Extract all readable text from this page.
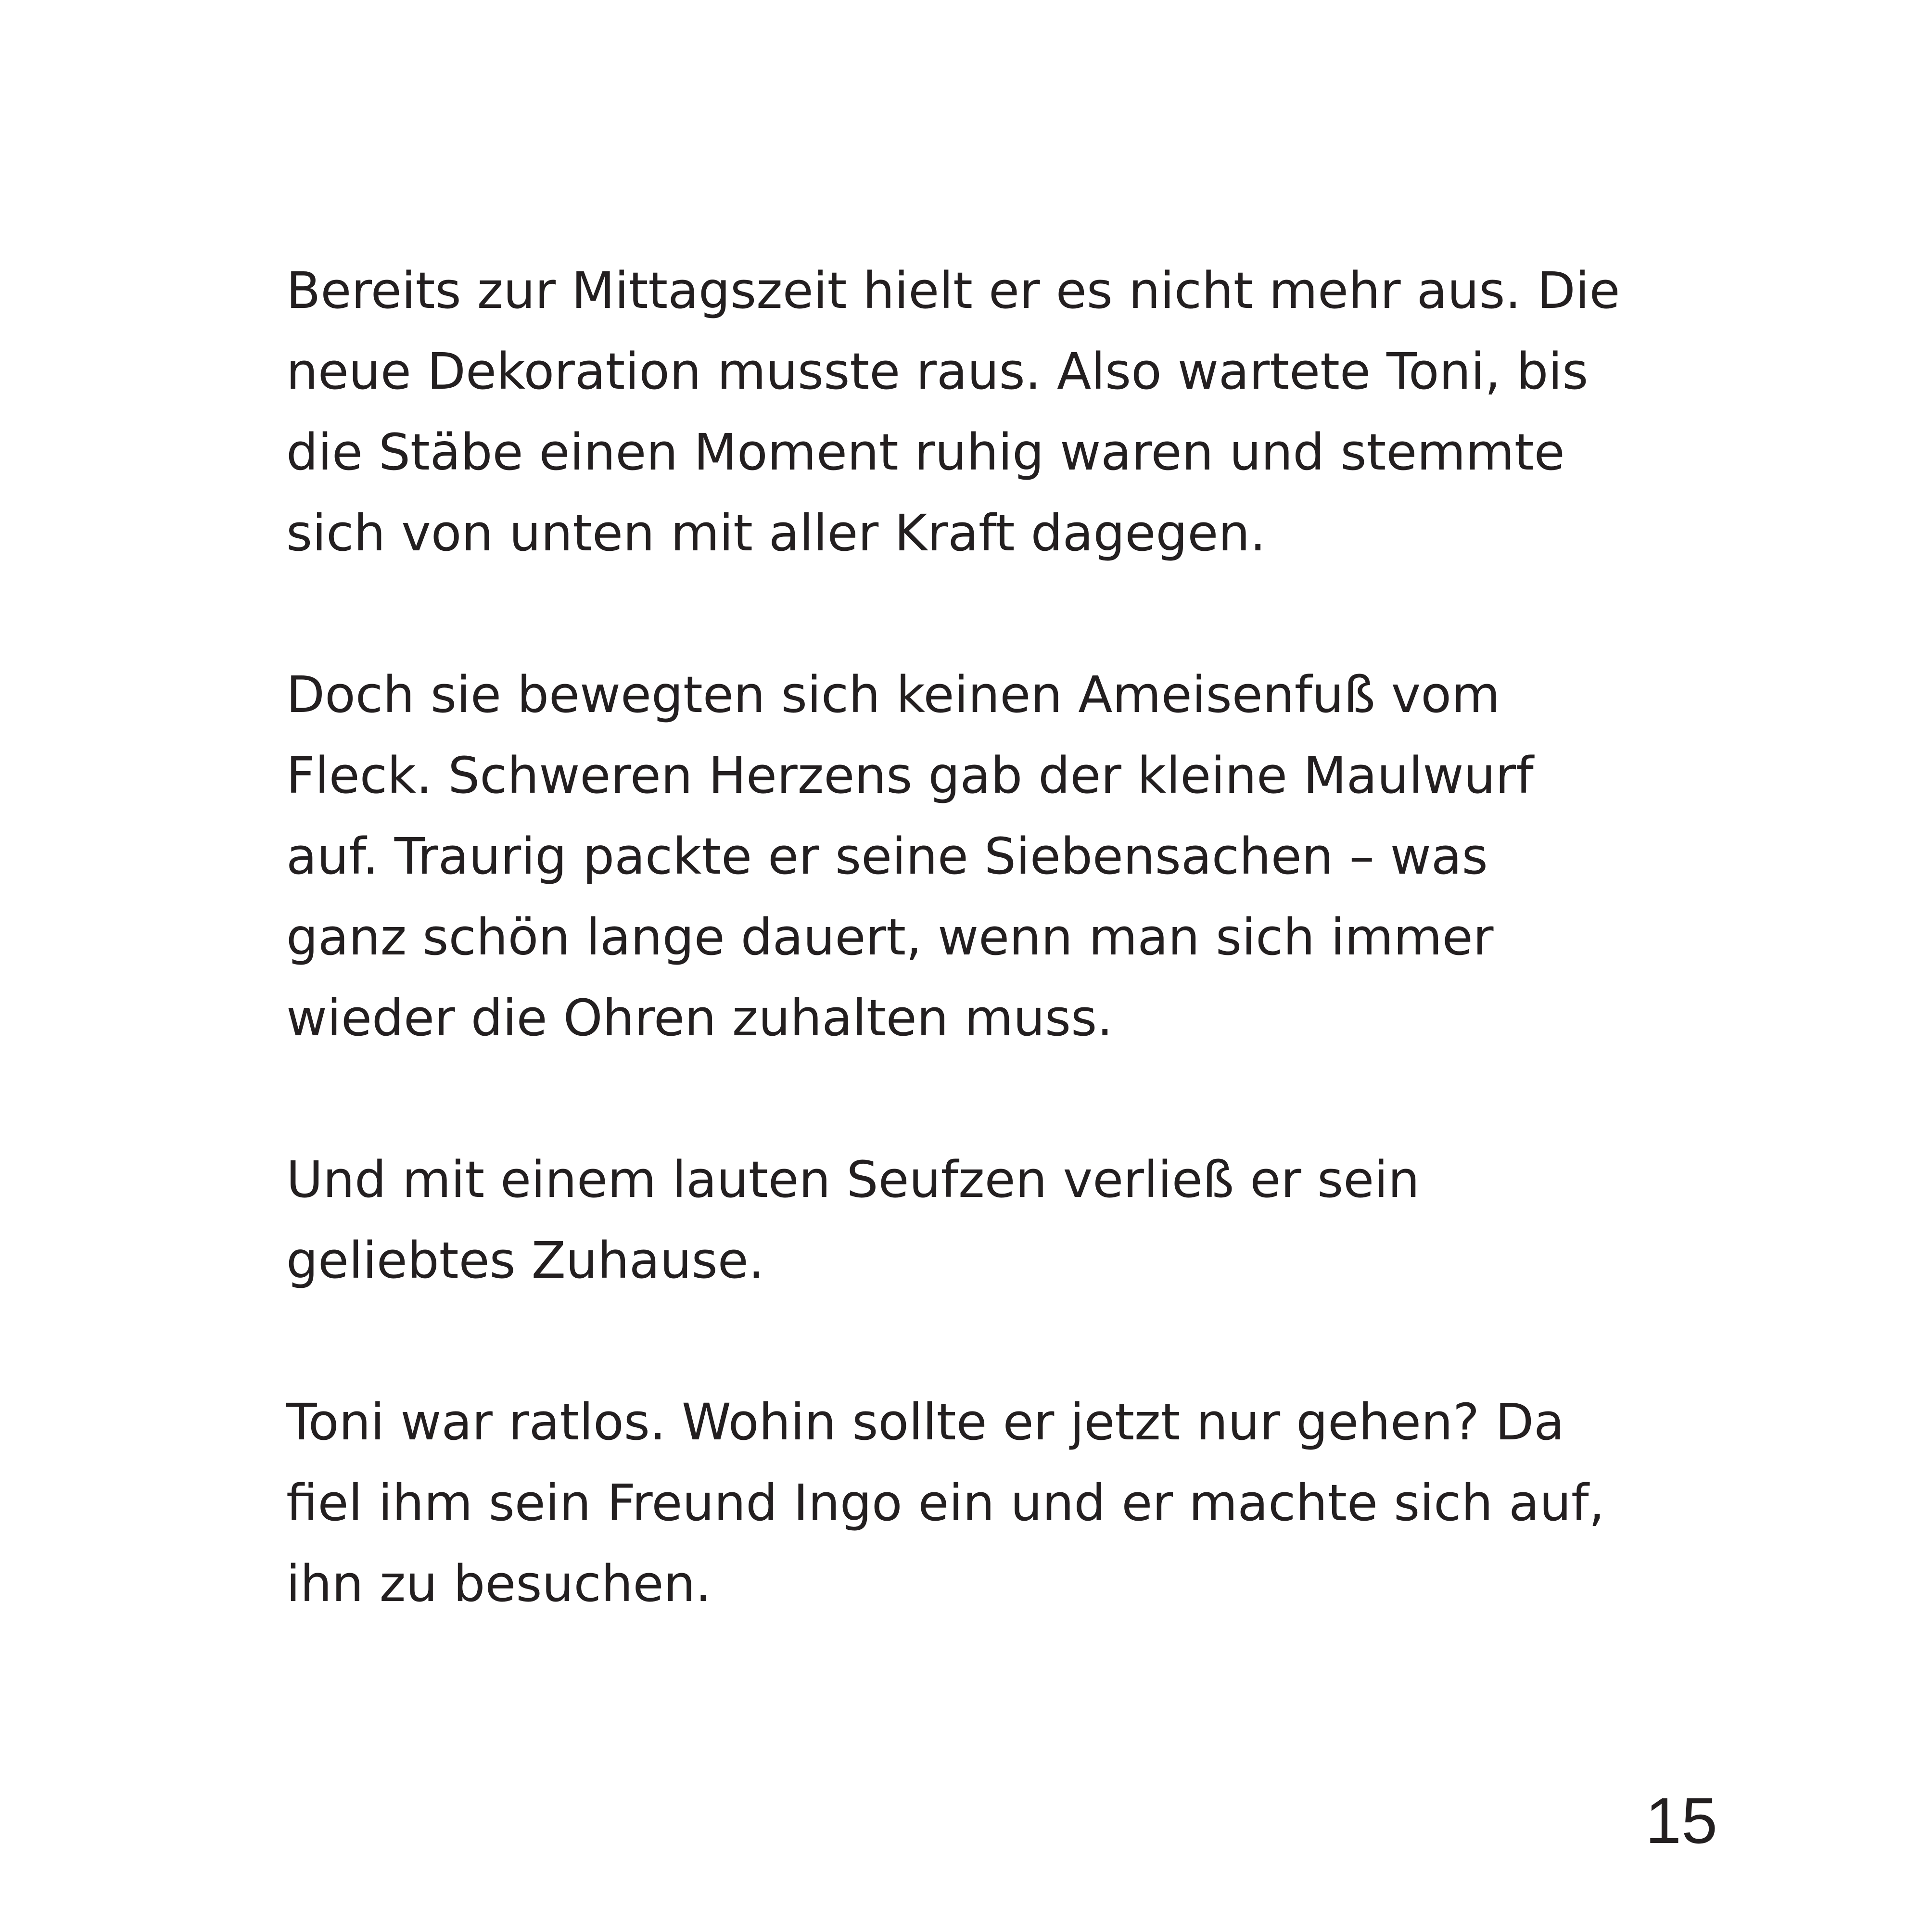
Bereits zur Mittagszeit hielt er es nicht mehr aus. Die
neue Dekoration musste raus. Also wartete Toni, bis
die Stäbe einen Moment ruhig waren und stemmte
sich von unten mit aller Kraft dagegen.

Doch sie bewegten sich keinen Ameisenfuß vom
Fleck. Schweren Herzens gab der kleine Maulwurf
auf. Traurig packte er seine Siebensachen – was
ganz schön lange dauert, wenn man sich immer
wieder die Ohren zuhalten muss.

Und mit einem lauten Seufzen verließ er sein
geliebtes Zuhause.

Toni war ratlos. Wohin sollte er jetzt nur gehen? Da
fiel ihm sein Freund Ingo ein und er machte sich auf,
ihn zu besuchen.

15
